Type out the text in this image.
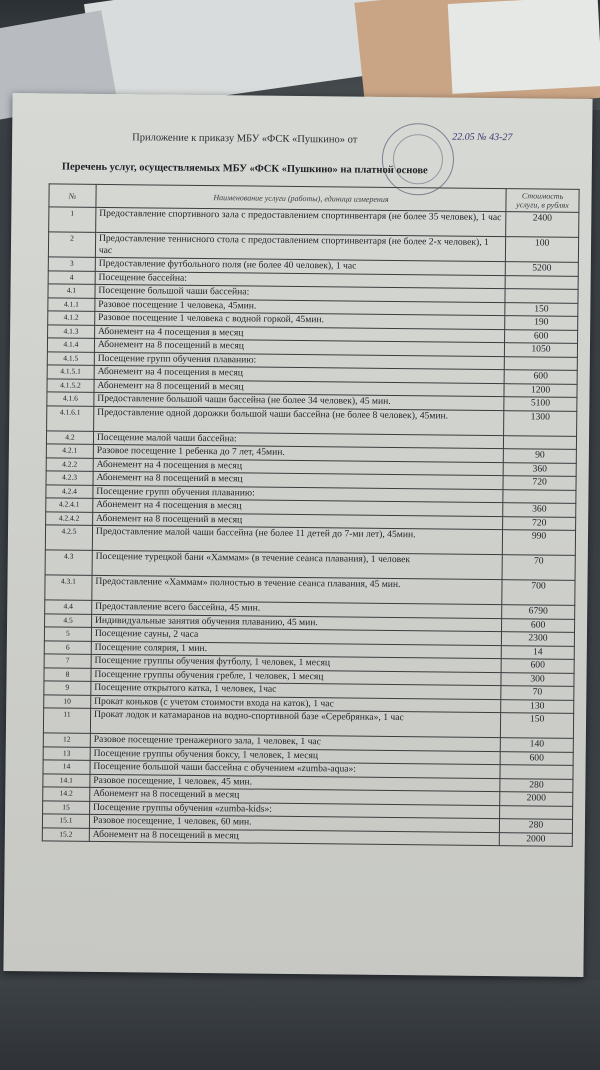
Приложение к приказу МБУ «ФСК «Пушкино» от	22.05 № 43-27
Перечень услуг, осуществляемых МБУ «ФСК «Пушкино» на платной основе
№	Наименование услуги (работы), единица измерения	Стоимость услуги, в рублях
1	Предоставление спортивного зала с предоставлением спортинвентаря (не более 35 человек), 1 час	2400
2	Предоставление теннисного стола с предоставлением спортинвентаря (не более 2-х человек), 1 час	100
3	Предоставление футбольного поля (не более 40 человек), 1 час	5200
4	Посещение бассейна:	
4.1	Посещение большой чаши бассейна:	
4.1.1	Разовое посещение 1 человека, 45мин.	150
4.1.2	Разовое посещение 1 человека с водной горкой, 45мин.	190
4.1.3	Абонемент на 4 посещения в месяц	600
4.1.4	Абонемент на 8 посещений в месяц	1050
4.1.5	Посещение групп обучения плаванию:	
4.1.5.1	Абонемент на 4 посещения в месяц	600
4.1.5.2	Абонемент на 8 посещений в месяц	1200
4.1.6	Предоставление большой чаши бассейна (не более 34 человек), 45 мин.	5100
4.1.6.1	Предоставление одной дорожки большой чаши бассейна (не более 8 человек), 45мин.	1300
4.2	Посещение малой чаши бассейна:	
4.2.1	Разовое посещение 1 ребенка до 7 лет, 45мин.	90
4.2.2	Абонемент на 4 посещения в месяц	360
4.2.3	Абонемент на 8 посещений в месяц	720
4.2.4	Посещение групп обучения плаванию:	
4.2.4.1	Абонемент на 4 посещения в месяц	360
4.2.4.2	Абонемент на 8 посещений в месяц	720
4.2.5	Предоставление малой чаши бассейна (не более 11 детей до 7-ми лет), 45мин.	990
4.3	Посещение турецкой бани «Хаммам» (в течение сеанса плавания), 1 человек	70
4.3.1	Предоставление «Хаммам» полностью в течение сеанса плавания, 45 мин.	700
4.4	Предоставление всего бассейна, 45 мин.	6790
4.5	Индивидуальные занятия обучения плаванию, 45 мин.	600
5	Посещение сауны, 2 часа	2300
6	Посещение солярия, 1 мин.	14
7	Посещение группы обучения футболу, 1 человек, 1 месяц	600
8	Посещение группы обучения гребле, 1 человек, 1 месяц	300
9	Посещение открытого катка, 1 человек, 1час	70
10	Прокат коньков (с учетом стоимости входа на каток), 1 час	130
11	Прокат лодок и катамаранов на водно-спортивной базе «Серебрянка», 1 час	150
12	Разовое посещение тренажерного зала, 1 человек, 1 час	140
13	Посещение группы обучения боксу, 1 человек, 1 месяц	600
14	Посещение большой чаши бассейна с обучением «zumba-aqua»:	
14.1	Разовое посещение, 1 человек, 45 мин.	280
14.2	Абонемент на 8 посещений в месяц	2000
15	Посещение группы обучения «zumba-kids»:	
15.1	Разовое посещение, 1 человек, 60 мин.	280
15.2	Абонемент на 8 посещений в месяц	2000
